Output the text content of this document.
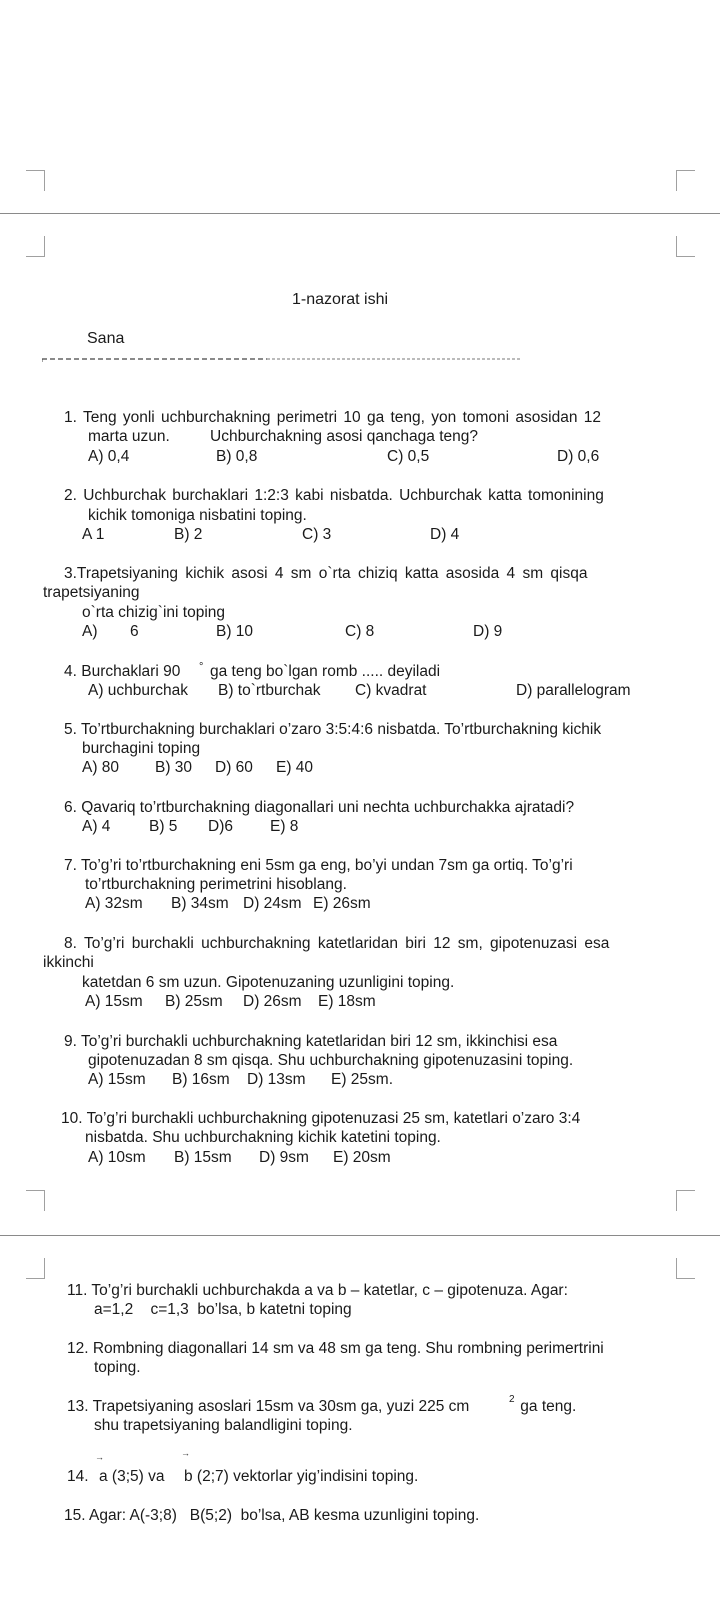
1-nazorat ishi
Sana
1. Teng yonli uchburchakning perimetri 10 ga teng, yon tomoni asosidan 12
marta uzun.	Uchburchakning asosi qanchaga teng?
A) 0,4	B) 0,8	C) 0,5	D) 0,6
2. Uchburchak burchaklari 1:2:3 kabi nisbatda. Uchburchak katta tomonining
kichik tomoniga nisbatini toping.
A 1	B) 2	C) 3	D) 4
3.Trapetsiyaning kichik asosi 4 sm o`rta chiziq katta asosida 4 sm qisqa
trapetsiyaning
o`rta chizig`ini toping
A) 6	B) 10	C) 8	D) 9
4. Burchaklari 90 ° ga teng bo`lgan romb ..... deyiladi
A) uchburchak B) to`rtburchak C) kvadrat	D) parallelogram
5. To’rtburchakning burchaklari o’zaro 3:5:4:6 nisbatda. To’rtburchakning kichik
burchagini toping
A) 80 B) 30 D) 60 E) 40
6. Qavariq to’rtburchakning diagonallari uni nechta uchburchakka ajratadi?
A) 4 B) 5 D)6 E) 8
7. To’g’ri to’rtburchakning eni 5sm ga eng, bo’yi undan 7sm ga ortiq. To’g’ri
to’rtburchakning perimetrini hisoblang.
A) 32sm B) 34sm D) 24sm E) 26sm
8. To’g’ri burchakli uchburchakning katetlaridan biri 12 sm, gipotenuzasi esa
ikkinchi
katetdan 6 sm uzun. Gipotenuzaning uzunligini toping.
A) 15sm B) 25sm D) 26sm E) 18sm
9. To’g’ri burchakli uchburchakning katetlaridan biri 12 sm, ikkinchisi esa
gipotenuzadan 8 sm qisqa. Shu uchburchakning gipotenuzasini toping.
A) 15sm B) 16sm D) 13sm E) 25sm.
10. To’g’ri burchakli uchburchakning gipotenuzasi 25 sm, katetlari o’zaro 3:4
nisbatda. Shu uchburchakning kichik katetini toping.
A) 10sm B) 15sm D) 9sm E) 20sm
11. To’g’ri burchakli uchburchakda a va b – katetlar, c – gipotenuza. Agar:
a=1,2    c=1,3  bo’lsa, b katetni toping
12. Rombning diagonallari 14 sm va 48 sm ga teng. Shu rombning perimertrini
toping.
13. Trapetsiyaning asoslari 15sm va 30sm ga, yuzi 225 cm	2 ga teng.
shu trapetsiyaning balandligini toping.
→	→
14. a (3;5) va b (2;7) vektorlar yig’indisini toping.
15. Agar: A(-3;8)   B(5;2)  bo’lsa, AB kesma uzunligini toping.
